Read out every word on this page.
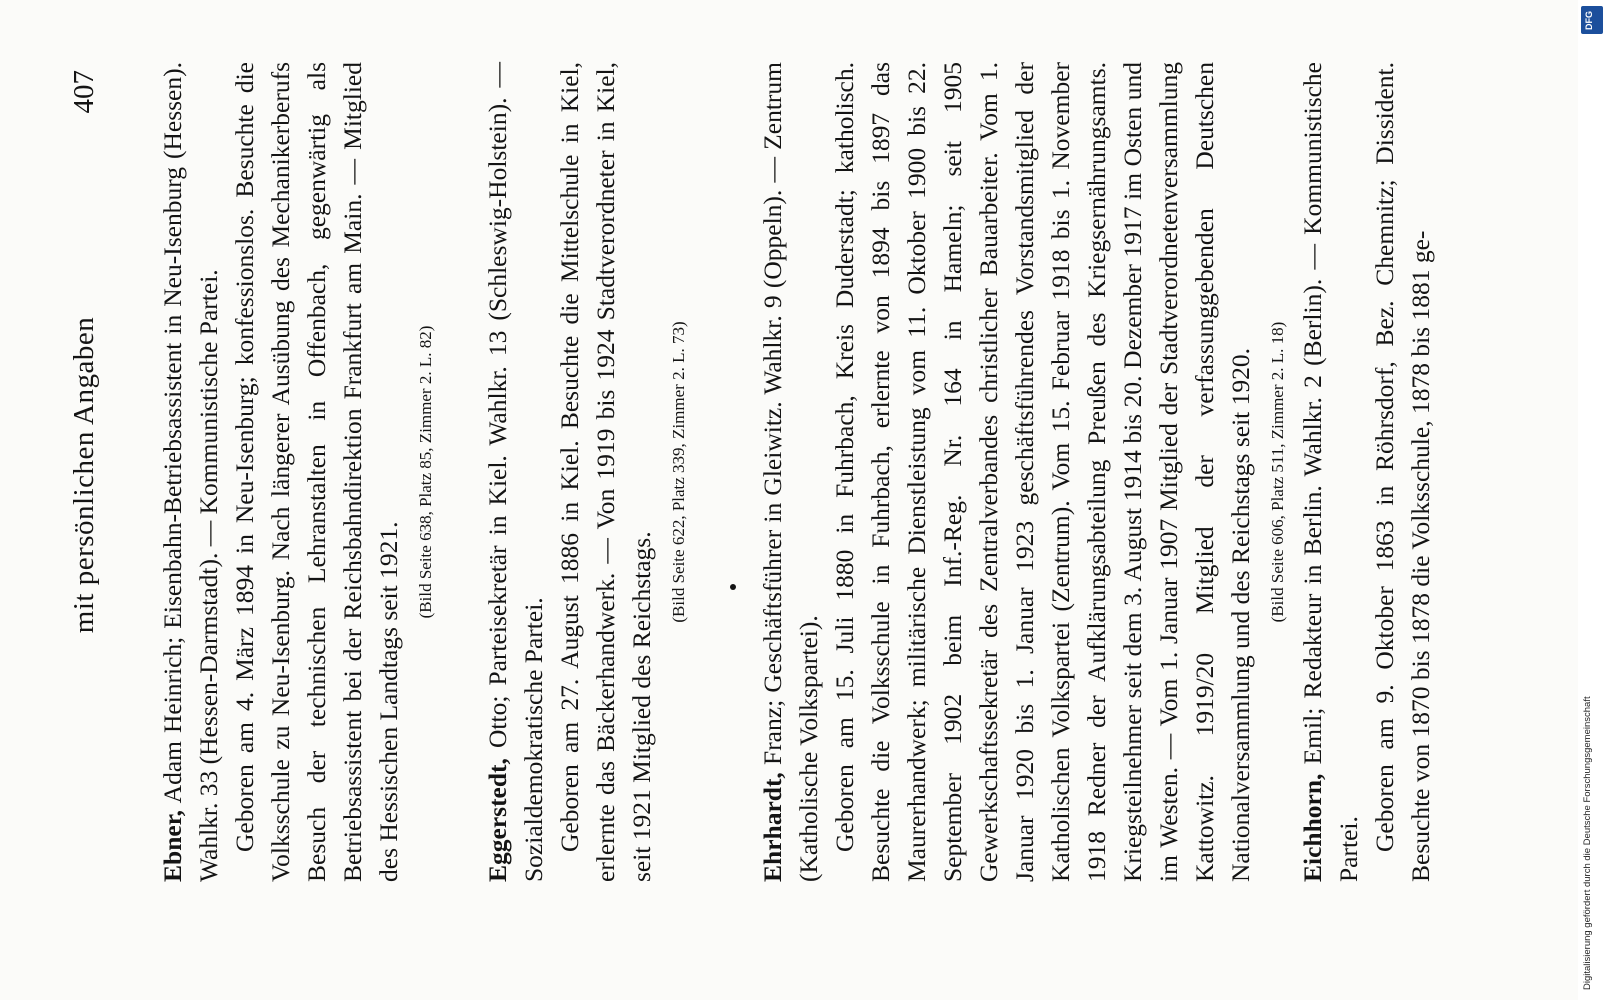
mit persönlichen Angaben
407

Ebner, Adam Heinrich; Eisenbahn-Betriebsassistent in Neu-Isenburg (Hessen). Wahlkr. 33 (Hessen-Darmstadt). — Kommunistische Partei. Geboren am 4. März 1894 in Neu-Isenburg; konfessionslos. Besuchte die Volksschule zu Neu-Isenburg. Nach längerer Ausübung des Mechanikerberufs Besuch der technischen Lehranstalten in Offenbach, gegenwärtig als Betriebsassistent bei der Reichsbahndirektion Frankfurt am Main. — Mitglied des Hessischen Landtags seit 1921.

(Bild Seite 638, Platz 85, Zimmer 2. L. 82)

Eggerstedt, Otto; Parteisekretär in Kiel. Wahlkr. 13 (Schleswig-Holstein). — Sozialdemokratische Partei. Geboren am 27. August 1886 in Kiel. Besuchte die Mittelschule in Kiel, erlernte das Bäckerhandwerk. — Von 1919 bis 1924 Stadtverordneter in Kiel, seit 1921 Mitglied des Reichstags.

(Bild Seite 622, Platz 339, Zimmer 2. L. 73)

Ehrhardt, Franz; Geschäftsführer in Gleiwitz. Wahlkr. 9 (Oppeln). — Zentrum (Katholische Volkspartei). Geboren am 15. Juli 1880 in Fuhrbach, Kreis Duderstadt; katholisch. Besuchte die Volksschule in Fuhrbach, erlernte von 1894 bis 1897 das Maurerhandwerk; militärische Dienstleistung vom 11. Oktober 1900 bis 22. September 1902 beim Inf.-Reg. Nr. 164 in Hameln; seit 1905 Gewerkschaftssekretär des Zentralverbandes christlicher Bauarbeiter. Vom 1. Januar 1920 bis 1. Januar 1923 geschäftsführendes Vorstandsmitglied der Katholischen Volkspartei (Zentrum). Vom 15. Februar 1918 bis 1. November 1918 Redner der Aufklärungsabteilung Preußen des Kriegsernährungsamts. Kriegsteilnehmer seit dem 3. August 1914 bis 20. Dezember 1917 im Osten und im Westen. — Vom 1. Januar 1907 Mitglied der Stadtverordnetenversammlung Kattowitz. 1919/20 Mitglied der verfassunggebenden Deutschen Nationalversammlung und des Reichstags seit 1920. (Bild Seite 606, Platz 511, Zimmer 2. L. 18)

Eichhorn, Emil; Redakteur in Berlin. Wahlkr. 2 (Berlin). — Kommunistische Partei. Geboren am 9. Oktober 1863 in Röhrsdorf, Bez. Chemnitz; Dissident. Besuchte von 1870 bis 1878 die Volksschule, 1878 bis 1881 ge-	Digitalisierung gefördert durch die Deutsche Forschungsgemeinschaft
DFG
